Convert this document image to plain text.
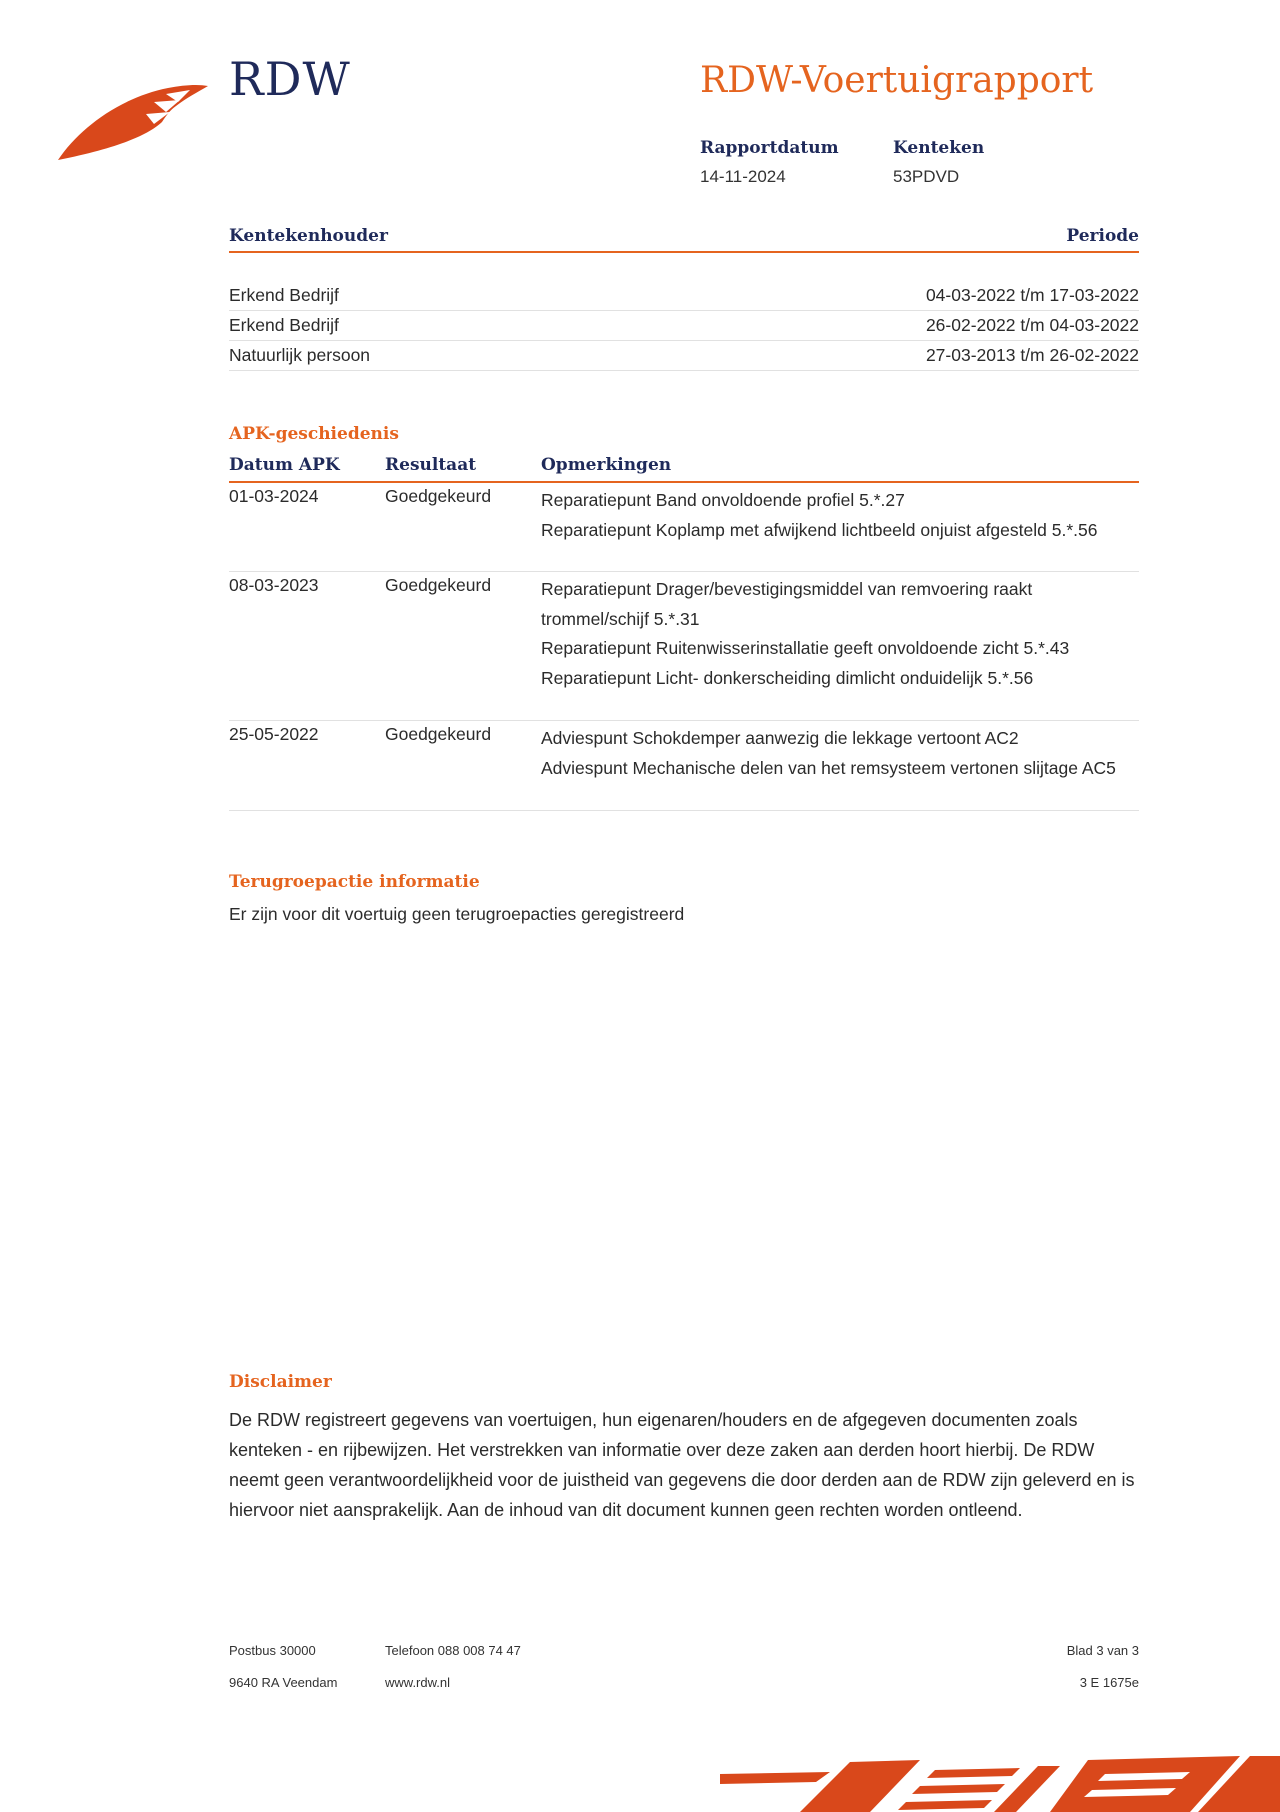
RDW	RDW-Voertuigrapport
Rapportdatum
14-11-2024
Kenteken
53PDVD
Kentekenhouder	Periode
Erkend Bedrijf	04-03-2022 t/m 17-03-2022
Erkend Bedrijf	26-02-2022 t/m 04-03-2022
Natuurlijk persoon	27-03-2013 t/m 26-02-2022
APK-geschiedenis
Datum APK	Resultaat	Opmerkingen
01-03-2024	Goedgekeurd	Reparatiepunt Band onvoldoende profiel 5.*.27
Reparatiepunt Koplamp met afwijkend lichtbeeld onjuist afgesteld 5.*.56
08-03-2023	Goedgekeurd	Reparatiepunt Drager/bevestigingsmiddel van remvoering raakt trommel/schijf 5.*.31
Reparatiepunt Ruitenwisserinstallatie geeft onvoldoende zicht 5.*.43
Reparatiepunt Licht- donkerscheiding dimlicht onduidelijk 5.*.56
25-05-2022	Goedgekeurd	Adviespunt Schokdemper aanwezig die lekkage vertoont AC2
Adviespunt Mechanische delen van het remsysteem vertonen slijtage AC5
Terugroepactie informatie
Er zijn voor dit voertuig geen terugroepacties geregistreerd
Disclaimer
De RDW registreert gegevens van voertuigen, hun eigenaren/houders en de afgegeven documenten zoals kenteken - en rijbewijzen. Het verstrekken van informatie over deze zaken aan derden hoort hierbij. De RDW neemt geen verantwoordelijkheid voor de juistheid van gegevens die door derden aan de RDW zijn geleverd en is hiervoor niet aansprakelijk. Aan de inhoud van dit document kunnen geen rechten worden ontleend.
Postbus 30000
9640 RA Veendam
Telefoon 088 008 74 47
www.rdw.nl
Blad 3 van 3
3 E 1675e
